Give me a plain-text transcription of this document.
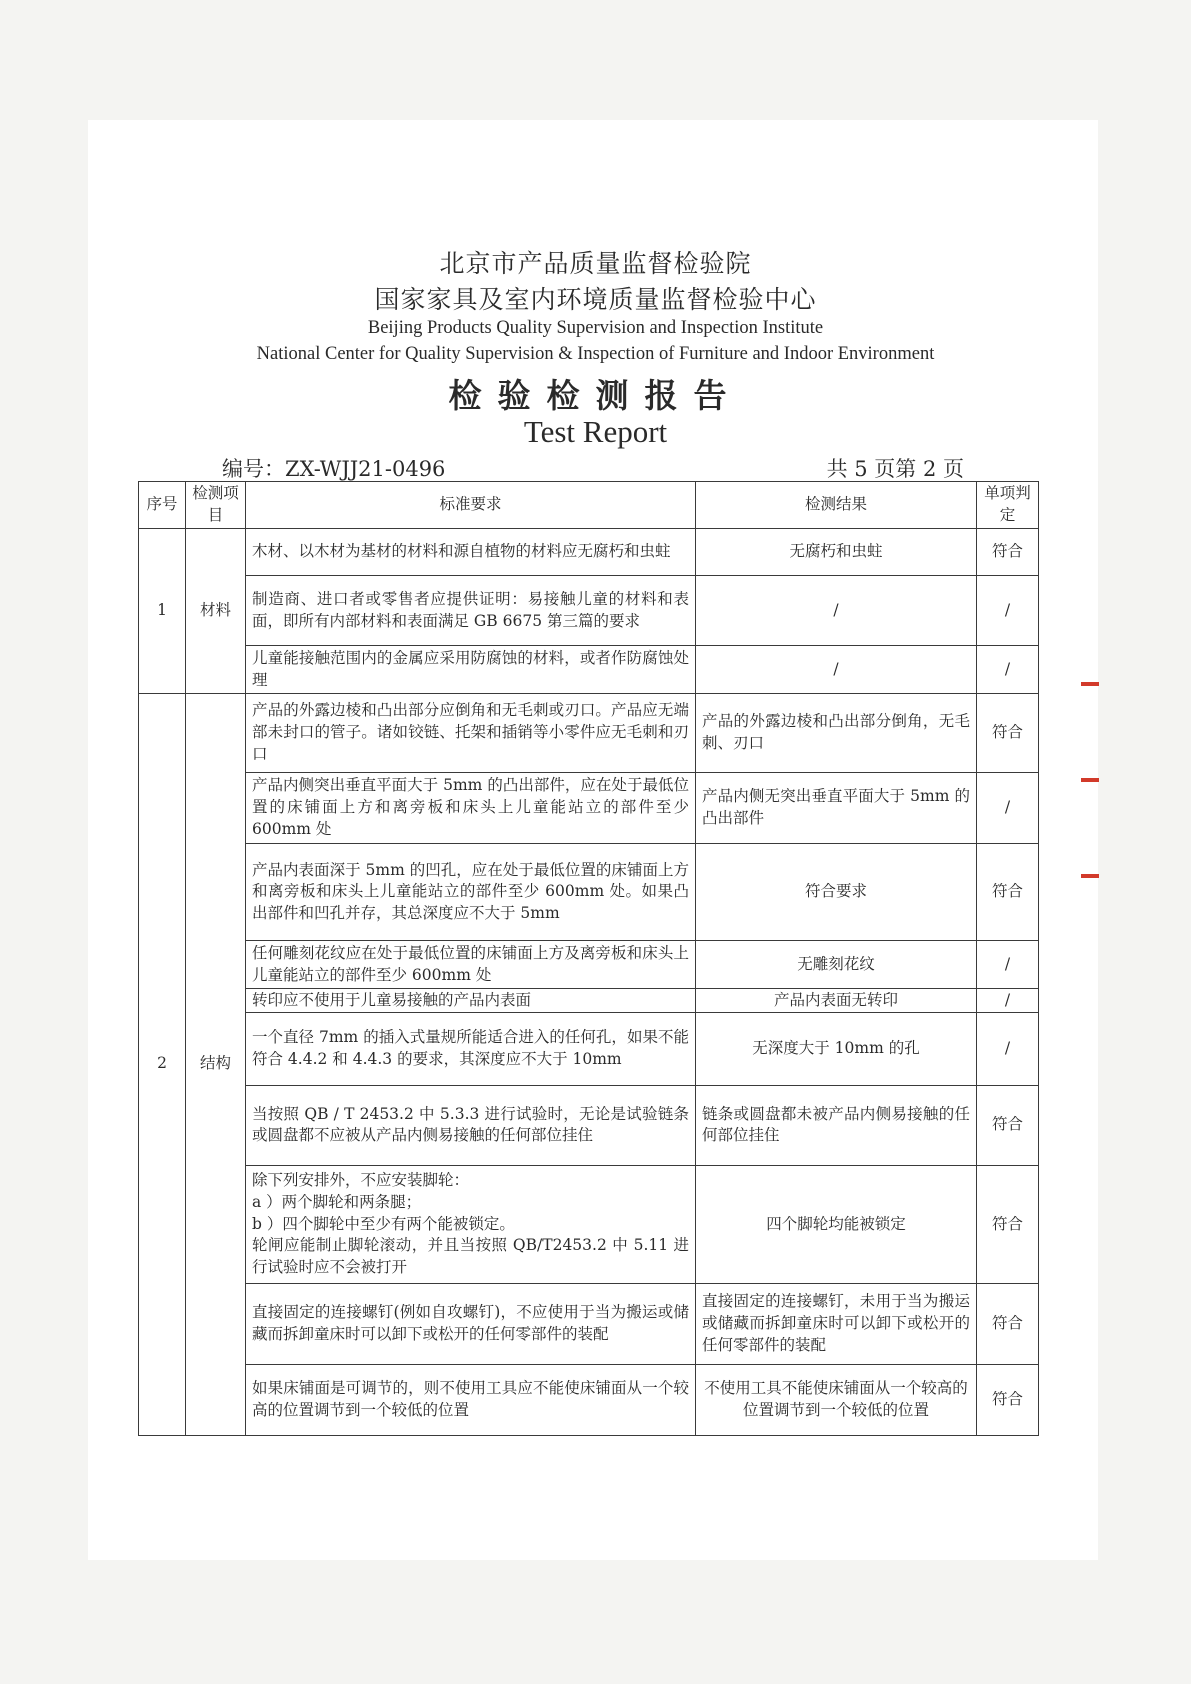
北京市产品质量监督检验院
国家家具及室内环境质量监督检验中心
Beijing Products Quality Supervision and Inspection Institute
National Center for Quality Supervision & Inspection of Furniture and Indoor Environment
检验检测报告
Test Report
编号：ZX-WJJ21-0496	共 5 页第 2 页
序号	检测项目	标准要求	检测结果	单项判定
1	材料	木材、以木材为基材的材料和源自植物的材料应无腐朽和虫蛀	无腐朽和虫蛀	符合
		制造商、进口者或零售者应提供证明：易接触儿童的材料和表面，即所有内部材料和表面满足 GB 6675 第三篇的要求	/	/
		儿童能接触范围内的金属应采用防腐蚀的材料，或者作防腐蚀处理	/	/
2	结构	产品的外露边棱和凸出部分应倒角和无毛刺或刃口。产品应无端部未封口的管子。诸如铰链、托架和插销等小零件应无毛刺和刃口	产品的外露边棱和凸出部分倒角，无毛刺、刃口	符合
		产品内侧突出垂直平面大于 5mm 的凸出部件，应在处于最低位置的床铺面上方和离旁板和床头上儿童能站立的部件至少 600mm 处	产品内侧无突出垂直平面大于 5mm 的凸出部件	/
		产品内表面深于 5mm 的凹孔，应在处于最低位置的床铺面上方和离旁板和床头上儿童能站立的部件至少 600mm 处。如果凸出部件和凹孔并存，其总深度应不大于 5mm	符合要求	符合
		任何雕刻花纹应在处于最低位置的床铺面上方及离旁板和床头上儿童能站立的部件至少 600mm 处	无雕刻花纹	/
		转印应不使用于儿童易接触的产品内表面	产品内表面无转印	/
		一个直径 7mm 的插入式量规所能适合进入的任何孔，如果不能符合 4.4.2 和 4.4.3 的要求，其深度应不大于 10mm	无深度大于 10mm 的孔	/
		当按照 QB / T 2453.2 中 5.3.3 进行试验时，无论是试验链条或圆盘都不应被从产品内侧易接触的任何部位挂住	链条或圆盘都未被产品内侧易接触的任何部位挂住	符合

		除下列安排外，不应安装脚轮：
a ）两个脚轮和两条腿；
b ）四个脚轮中至少有两个能被锁定。
轮闸应能制止脚轮滚动，并且当按照 QB/T2453.2 中 5.11 进行试验时应不会被打开	四个脚轮均能被锁定	符合
		直接固定的连接螺钉(例如自攻螺钉)，不应使用于当为搬运或储藏而拆卸童床时可以卸下或松开的任何零部件的装配	直接固定的连接螺钉，未用于当为搬运或储藏而拆卸童床时可以卸下或松开的任何零部件的装配	符合
		如果床铺面是可调节的，则不使用工具应不能使床铺面从一个较高的位置调节到一个较低的位置	不使用工具不能使床铺面从一个较高的位置调节到一个较低的位置	符合
